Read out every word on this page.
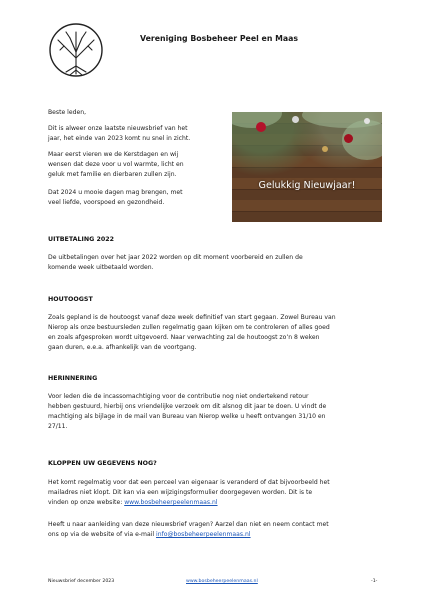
Vereniging Bosbeheer Peel en Maas
Gelukkig Nieuwjaar!
Beste leden,
Dit is alweer onze laatste nieuwsbrief van het
jaar, het einde van 2023 komt nu snel in zicht.
Maar eerst vieren we de Kerstdagen en wij
wensen dat deze voor u vol warmte, licht en
geluk met familie en dierbaren zullen zijn.
Dat 2024 u mooie dagen mag brengen, met
veel liefde, voorspoed en gezondheid.
UITBETALING 2022
De uitbetalingen over het jaar 2022 worden op dit moment voorbereid en zullen de
komende week uitbetaald worden.
HOUTOOGST
Zoals gepland is de houtoogst vanaf deze week definitief van start gegaan. Zowel Bureau van
Nierop als onze bestuursleden zullen regelmatig gaan kijken om te controleren of alles goed
en zoals afgesproken wordt uitgevoerd. Naar verwachting zal de houtoogst zo’n 8 weken
gaan duren, e.e.a. afhankelijk van de voortgang.
HERINNERING
Voor leden die de incassomachtiging voor de contributie nog niet ondertekend retour
hebben gestuurd, hierbij ons vriendelijke verzoek om dit alsnog dit jaar te doen. U vindt de
machtiging als bijlage in de mail van Bureau van Nierop welke u heeft ontvangen 31/10 en
27/11.
KLOPPEN UW GEGEVENS NOG?
Het komt regelmatig voor dat een perceel van eigenaar is veranderd of dat bijvoorbeeld het
mailadres niet klopt. Dit kan via een wijzigingsformulier doorgegeven worden. Dit is te
vinden op onze website: www.bosbeheerpeelenmaas.nl
Heeft u naar aanleiding van deze nieuwsbrief vragen? Aarzel dan niet en neem contact met
ons op via de website of via e-mail info@bosbeheerpeelenmaas.nl
Nieuwsbrief december 2023	www.bosbeheerpeelenmaas.nl	-1-
